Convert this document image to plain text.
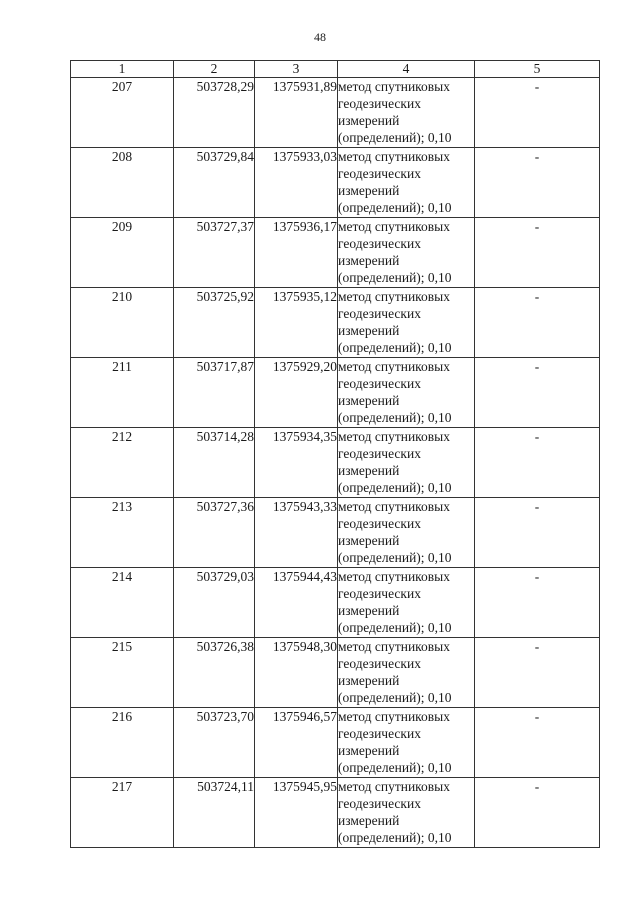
48
1	2	3	4	5
207	503728,29	1375931,89	метод спутниковых
геодезических
измерений
(определений); 0,10	-
208	503729,84	1375933,03	метод спутниковых
геодезических
измерений
(определений); 0,10	-
209	503727,37	1375936,17	метод спутниковых
геодезических
измерений
(определений); 0,10	-
210	503725,92	1375935,12	метод спутниковых
геодезических
измерений
(определений); 0,10	-
211	503717,87	1375929,20	метод спутниковых
геодезических
измерений
(определений); 0,10	-
212	503714,28	1375934,35	метод спутниковых
геодезических
измерений
(определений); 0,10	-
213	503727,36	1375943,33	метод спутниковых
геодезических
измерений
(определений); 0,10	-
214	503729,03	1375944,43	метод спутниковых
геодезических
измерений
(определений); 0,10	-
215	503726,38	1375948,30	метод спутниковых
геодезических
измерений
(определений); 0,10	-
216	503723,70	1375946,57	метод спутниковых
геодезических
измерений
(определений); 0,10	-
217	503724,11	1375945,95	метод спутниковых
геодезических
измерений
(определений); 0,10	-
